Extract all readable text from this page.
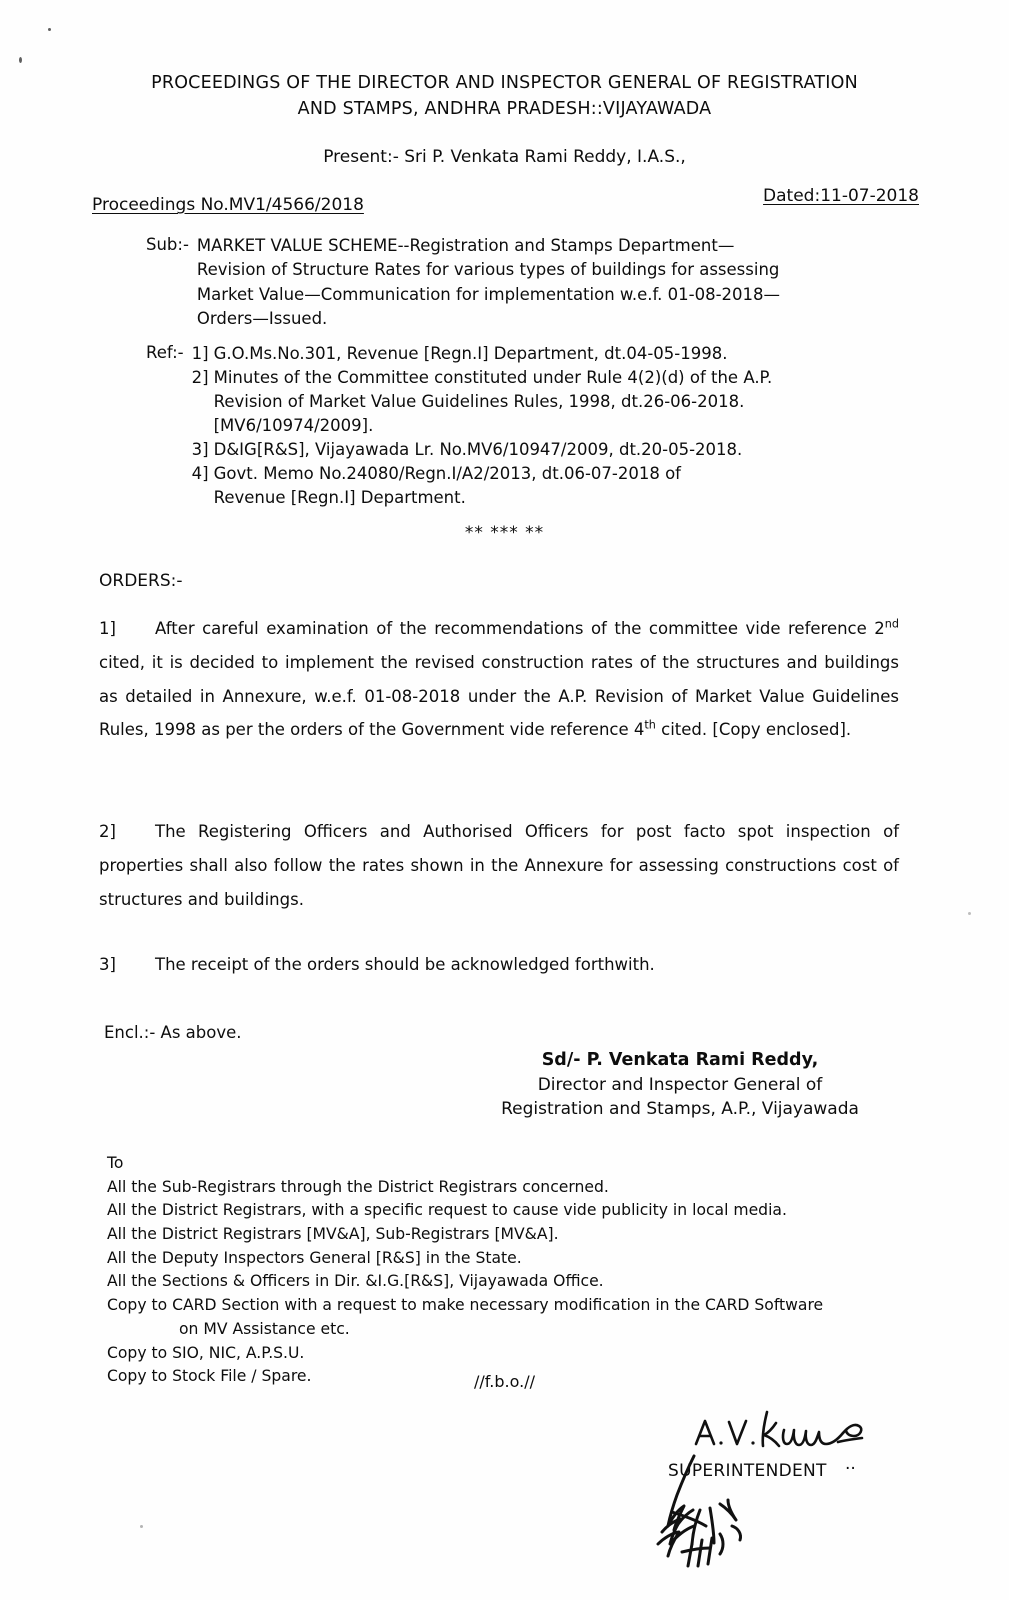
PROCEEDINGS OF THE DIRECTOR AND INSPECTOR GENERAL OF REGISTRATION
AND STAMPS, ANDHRA PRADESH::VIJAYAWADA
Present:- Sri P. Venkata Rami Reddy, I.A.S.,
Proceedings No.MV1/4566/2018	Dated:11-07-2018
Sub:- MARKET VALUE SCHEME--Registration and Stamps Department—

Revision of Structure Rates for various types of buildings for assessing

Market Value—Communication for implementation w.e.f. 01-08-2018—

Orders—Issued.

Ref:- 1] G.O.Ms.No.301, Revenue [Regn.I] Department, dt.04-05-1998.
2] Minutes of the Committee constituted under Rule 4(2)(d) of the A.P.
Revision of Market Value Guidelines Rules, 1998, dt.26-06-2018.
[MV6/10974/2009].
3] D&IG[R&S], Vijayawada Lr. No.MV6/10947/2009, dt.20-05-2018.
4] Govt. Memo No.24080/Regn.I/A2/2013, dt.06-07-2018 of
Revenue [Regn.I] Department.
** *** **
ORDERS:-
1] After careful examination of the recommendations of the committee vide reference 2nd cited, it is decided to implement the revised construction rates of the structures and buildings as detailed in Annexure, w.e.f. 01-08-2018 under the A.P. Revision of Market Value Guidelines Rules, 1998 as per the orders of the Government vide reference 4th cited. [Copy enclosed].
2] The Registering Officers and Authorised Officers for post facto spot inspection of properties shall also follow the rates shown in the Annexure for assessing constructions cost of structures and buildings.
3] The receipt of the orders should be acknowledged forthwith.
Encl.:- As above.
Sd/- P. Venkata Rami Reddy,
Director and Inspector General of
Registration and Stamps, A.P., Vijayawada
To
All the Sub-Registrars through the District Registrars concerned.
All the District Registrars, with a specific request to cause vide publicity in local media.
All the District Registrars [MV&A], Sub-Registrars [MV&A].
All the Deputy Inspectors General [R&S] in the State.
All the Sections & Officers in Dir. &I.G.[R&S], Vijayawada Office.
Copy to CARD Section with a request to make necessary modification in the CARD Software
on MV Assistance etc.
Copy to SIO, NIC, A.P.S.U.
Copy to Stock File / Spare.	//f.b.o.//
SUPERINTENDENT ··
